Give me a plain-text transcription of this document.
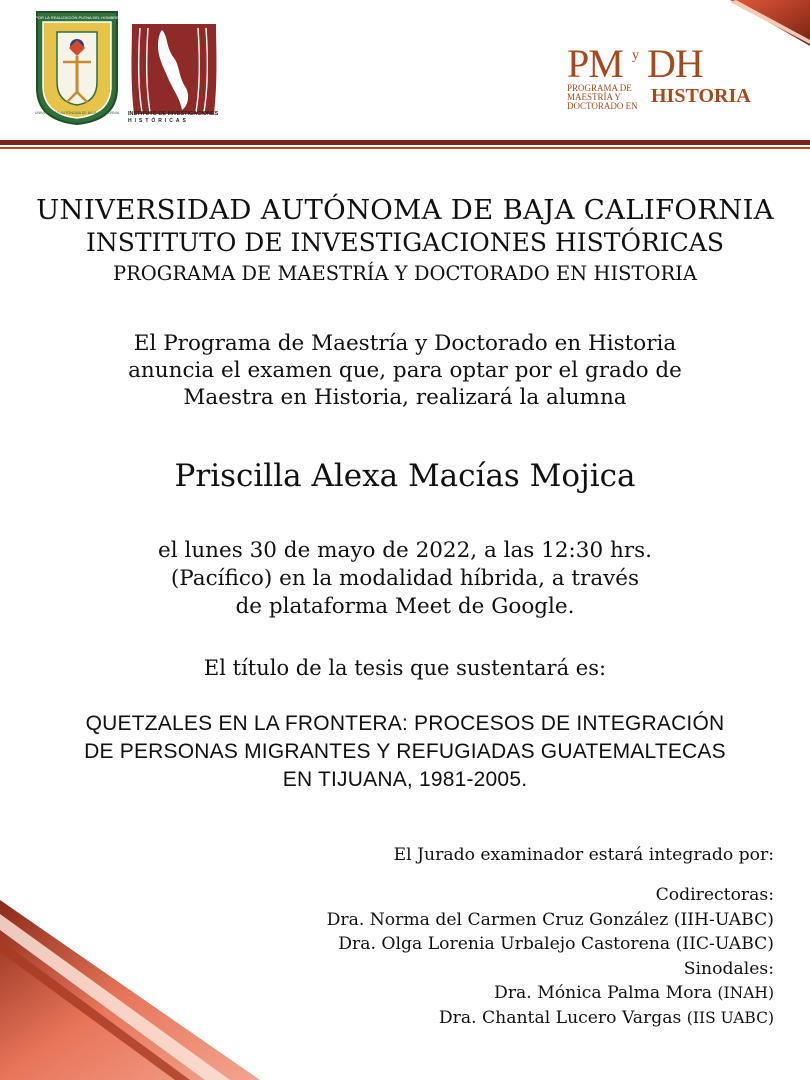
POR LA REALIZACIÓN PLENA DEL HOMBRE
UNIVERSIDAD AUTÓNOMA DE BAJA CALIFORNIA INSTITUTO DE INVESTIGACIONES
HISTÓRICAS
PM y DH
PROGRAMA DE MAESTRÍA Y DOCTORADO EN HISTORIA
UNIVERSIDAD AUTÓNOMA DE BAJA CALIFORNIA
INSTITUTO DE INVESTIGACIONES HISTÓRICAS
PROGRAMA DE MAESTRÍA Y DOCTORADO EN HISTORIA
El Programa de Maestría y Doctorado en Historia
anuncia el examen que, para optar por el grado de
Maestra en Historia, realizará la alumna
Priscilla Alexa Macías Mojica
el lunes 30 de mayo de 2022, a las 12:30 hrs.
(Pacífico) en la modalidad híbrida, a través
de plataforma Meet de Google.
El título de la tesis que sustentará es:
QUETZALES EN LA FRONTERA: PROCESOS DE INTEGRACIÓN
DE PERSONAS MIGRANTES Y REFUGIADAS GUATEMALTECAS
EN TIJUANA, 1981-2005.
El Jurado examinador estará integrado por:
Codirectoras:
Dra. Norma del Carmen Cruz González (IIH-UABC)
Dra. Olga Lorenia Urbalejo Castorena (IIC-UABC)
Sinodales:
Dra. Mónica Palma Mora (INAH)
Dra. Chantal Lucero Vargas (IIS UABC)
